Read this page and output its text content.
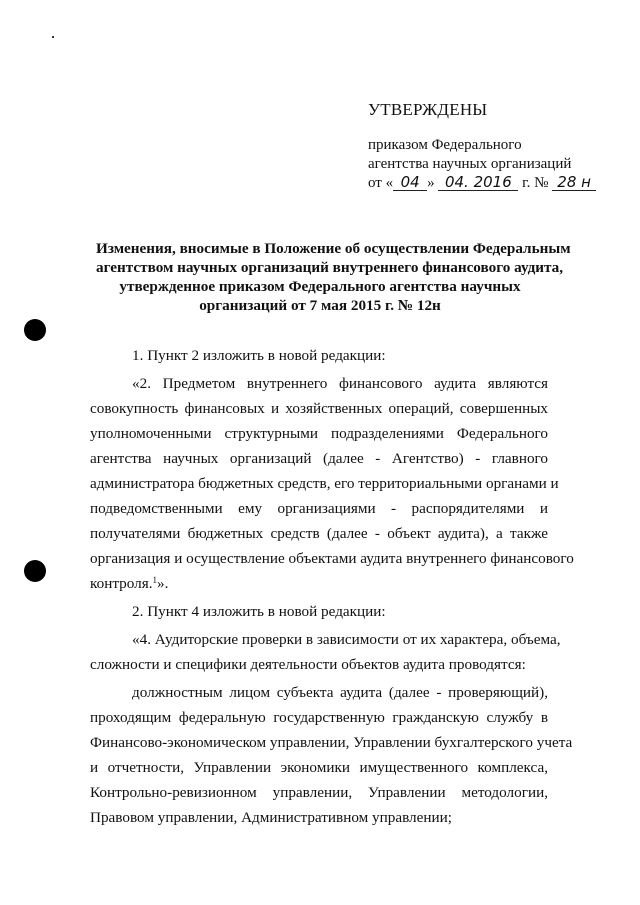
УТВЕРЖДЕНЫ
приказом Федерального
агентства научных организаций
от « 04 » 04. 2016 г. № 28 н
Изменения, вносимые в Положение об осуществлении Федеральным
агентством научных организаций внутреннего финансового аудита,
утвержденное приказом Федерального агентства научных
организаций от 7 мая 2015 г. № 12н
1. Пункт 2 изложить в новой редакции:
«2. Предметом внутреннего финансового аудита являются
совокупность финансовых и хозяйственных операций, совершенных
уполномоченными структурными подразделениями Федерального
агентства научных организаций (далее - Агентство) - главного
администратора бюджетных средств, его территориальными органами и
подведомственными ему организациями - распорядителями и
получателями бюджетных средств (далее - объект аудита), а также
организация и осуществление объектами аудита внутреннего финансового
контроля.$^1$».
2. Пункт 4 изложить в новой редакции:
«4. Аудиторские проверки в зависимости от их характера, объема,
сложности и специфики деятельности объектов аудита проводятся:
должностным лицом субъекта аудита (далее - проверяющий),
проходящим федеральную государственную гражданскую службу в
Финансово-экономическом управлении, Управлении бухгалтерского учета
и отчетности, Управлении экономики имущественного комплекса,
Контрольно-ревизионном управлении, Управлении методологии,
Правовом управлении, Административном управлении;
